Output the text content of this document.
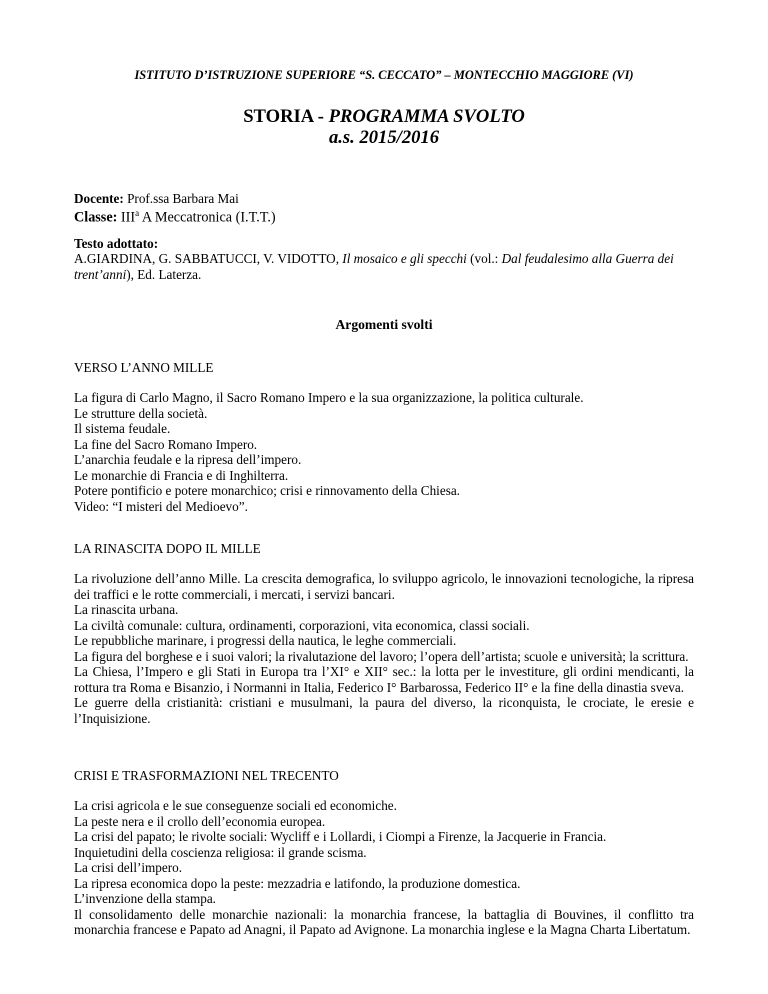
ISTITUTO D’ISTRUZIONE SUPERIORE “S. CECCATO” – MONTECCHIO MAGGIORE (VI)
STORIA - PROGRAMMA SVOLTO
a.s. 2015/2016
Docente: Prof.ssa Barbara Mai
Classe: III$^a$ A Meccatronica (I.T.T.)
Testo adottato:
A.GIARDINA, G. SABBATUCCI, V. VIDOTTO, Il mosaico e gli specchi (vol.: Dal feudalesimo alla Guerra dei trent’anni), Ed. Laterza.
Argomenti svolti

VERSO L’ANNO MILLE

La figura di Carlo Magno, il Sacro Romano Impero e la sua organizzazione, la politica culturale.
Le strutture della società.
Il sistema feudale.
La fine del Sacro Romano Impero.
L’anarchia feudale e la ripresa dell’impero.
Le monarchie di Francia e di Inghilterra.
Potere pontificio e potere monarchico; crisi e rinnovamento della Chiesa.
Video: “I misteri del Medioevo”.

LA RINASCITA DOPO IL MILLE

La rivoluzione dell’anno Mille. La crescita demografica, lo sviluppo agricolo, le innovazioni tecnologiche, la ripresa dei traffici e le rotte commerciali, i mercati, i servizi bancari.
La rinascita urbana.
La civiltà comunale: cultura, ordinamenti, corporazioni, vita economica, classi sociali.
Le repubbliche marinare, i progressi della nautica, le leghe commerciali.
La figura del borghese e i suoi valori; la rivalutazione del lavoro; l’opera dell’artista; scuole e università; la scrittura.
La Chiesa, l’Impero e gli Stati in Europa tra l’XI° e XII° sec.: la lotta per le investiture, gli ordini mendicanti, la rottura tra Roma e Bisanzio, i Normanni in Italia, Federico I° Barbarossa, Federico II° e la fine della dinastia sveva.
Le guerre della cristianità: cristiani e musulmani, la paura del diverso, la riconquista, le crociate, le eresie e l’Inquisizione.

CRISI E TRASFORMAZIONI NEL TRECENTO

La crisi agricola e le sue conseguenze sociali ed economiche.
La peste nera e il crollo dell’economia europea.
La crisi del papato; le rivolte sociali: Wycliff e i Lollardi, i Ciompi a Firenze, la Jacquerie in Francia.
Inquietudini della coscienza religiosa: il grande scisma.
La crisi dell’impero.
La ripresa economica dopo la peste: mezzadria e latifondo, la produzione domestica.
L’invenzione della stampa.
Il consolidamento delle monarchie nazionali: la monarchia francese, la battaglia di Bouvines, il conflitto tra monarchia francese e Papato ad Anagni, il Papato ad Avignone. La monarchia inglese e la Magna Charta Libertatum.
